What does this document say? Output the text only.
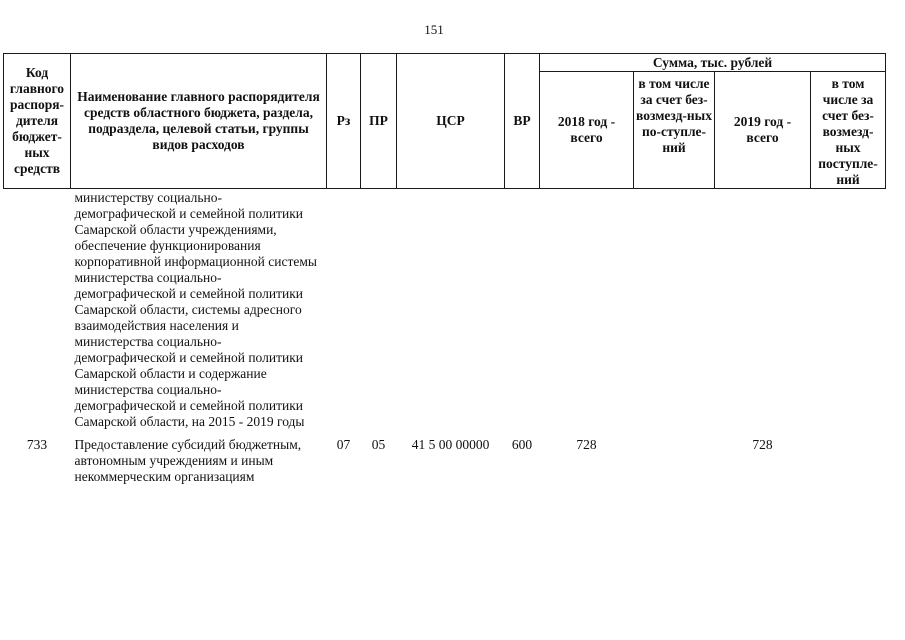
151
Код главного распоря-дителя бюджет-ных средств	Наименование главного распорядителя средств областного бюджета, раздела, подраздела, целевой статьи, группы видов расходов	Рз	ПР	ЦСР	ВР	Сумма, тыс. рублей			
						2018 год - всего	в том числе за счет без-возмезд-ных по-ступле-ний	2019 год - всего	в том числе за счет без-возмезд-ных поступле-ний
	министерству социально-демографической и семейной политики Самарской области учреждениями, обеспечение функционирования корпоративной информационной системы министерства социально-демографической и семейной политики Самарской области, системы адресного взаимодействия населения и министерства социально-демографической и семейной политики Самарской области и содержание министерства социально-демографической и семейной политики Самарской области, на 2015 - 2019 годы								
733	Предоставление субсидий бюджетным, автономным учреждениям и иным некоммерческим организациям	07	05	41 5 00 00000	600	728		728	
